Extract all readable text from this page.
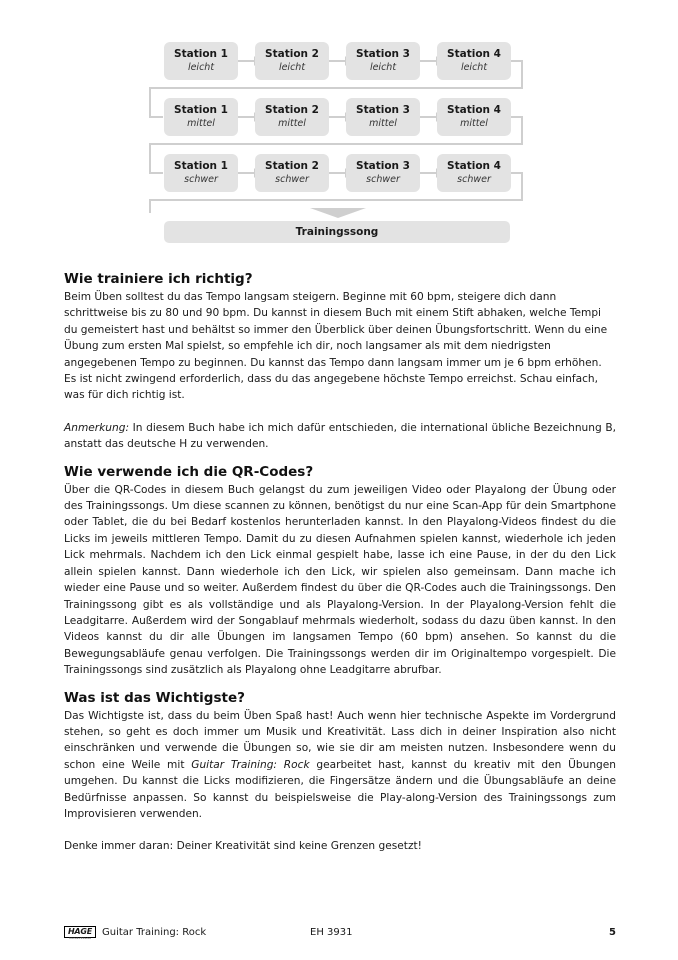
Station 1
leicht
Station 2
leicht
Station 3
leicht
Station 4
leicht
Station 1
mittel
Station 2
mittel
Station 3
mittel
Station 4
mittel
Station 1
schwer
Station 2
schwer
Station 3
schwer
Station 4
schwer
Trainingssong
Wie trainiere ich richtig?

Beim Üben solltest du das Tempo langsam steigern. Beginne mit 60 bpm, steigere dich dann schrittweise bis zu 80 und 90 bpm. Du kannst in diesem Buch mit einem Stift abhaken, welche Tempi du gemeistert hast und behältst so immer den Überblick über deinen Übungsfortschritt. Wenn du eine Übung zum ersten Mal spielst, so empfehle ich dir, noch langsamer als mit dem niedrigsten angegebenen Tempo zu beginnen. Du kannst das Tempo dann langsam immer um je 6 bpm erhöhen. Es ist nicht zwingend erforderlich, dass du das angegebene höchste Tempo erreichst. Schau einfach, was für dich richtig ist.

Anmerkung: In diesem Buch habe ich mich dafür entschieden, die international übliche Bezeichnung B, anstatt das deutsche H zu verwenden.

Wie verwende ich die QR-Codes?

Über die QR-Codes in diesem Buch gelangst du zum jeweiligen Video oder Playalong der Übung oder des Trainingssongs. Um diese scannen zu können, benötigst du nur eine Scan-App für dein Smartphone oder Tablet, die du bei Bedarf kostenlos herunterladen kannst. In den Playalong-Videos findest du die Licks im jeweils mittleren Tempo. Damit du zu diesen Aufnahmen spielen kannst, wiederhole ich jeden Lick mehrmals. Nachdem ich den Lick einmal gespielt habe, lasse ich eine Pause, in der du den Lick allein spielen kannst. Dann wiederhole ich den Lick, wir spielen also gemeinsam. Dann mache ich wieder eine Pause und so weiter. Außerdem findest du über die QR-Codes auch die Trainingssongs. Den Trainingssong gibt es als vollständige und als Playalong-Version. In der Playalong-Version fehlt die Leadgitarre. Außerdem wird der Songablauf mehrmals wiederholt, sodass du dazu üben kannst. In den Videos kannst du dir alle Übungen im langsamen Tempo (60 bpm) ansehen. So kannst du die Bewegungsabläufe genau verfolgen. Die Trainingssongs werden dir im Originaltempo vorgespielt. Die Trainingssongs sind zusätzlich als Playalong ohne Leadgitarre abrufbar.

Was ist das Wichtigste?

Das Wichtigste ist, dass du beim Üben Spaß hast! Auch wenn hier technische Aspekte im Vordergrund stehen, so geht es doch immer um Musik und Kreativität. Lass dich in deiner Inspiration also nicht einschränken und verwende die Übungen so, wie sie dir am meisten nutzen. Insbesondere wenn du schon eine Weile mit Guitar Training: Rock gearbeitet hast, kannst du kreativ mit den Übungen umgehen. Du kannst die Licks modifizieren, die Fingersätze ändern und die Übungsabläufe an deine Bedürfnisse anpassen. So kannst du beispielsweise die Play-along-Version des Trainingssongs zum Improvisieren verwenden.

Denke immer daran: Deiner Kreativität sind keine Grenzen gesetzt!

HAGE
MUSIKVERLAG	Guitar Training: Rock	EH 3931	5
